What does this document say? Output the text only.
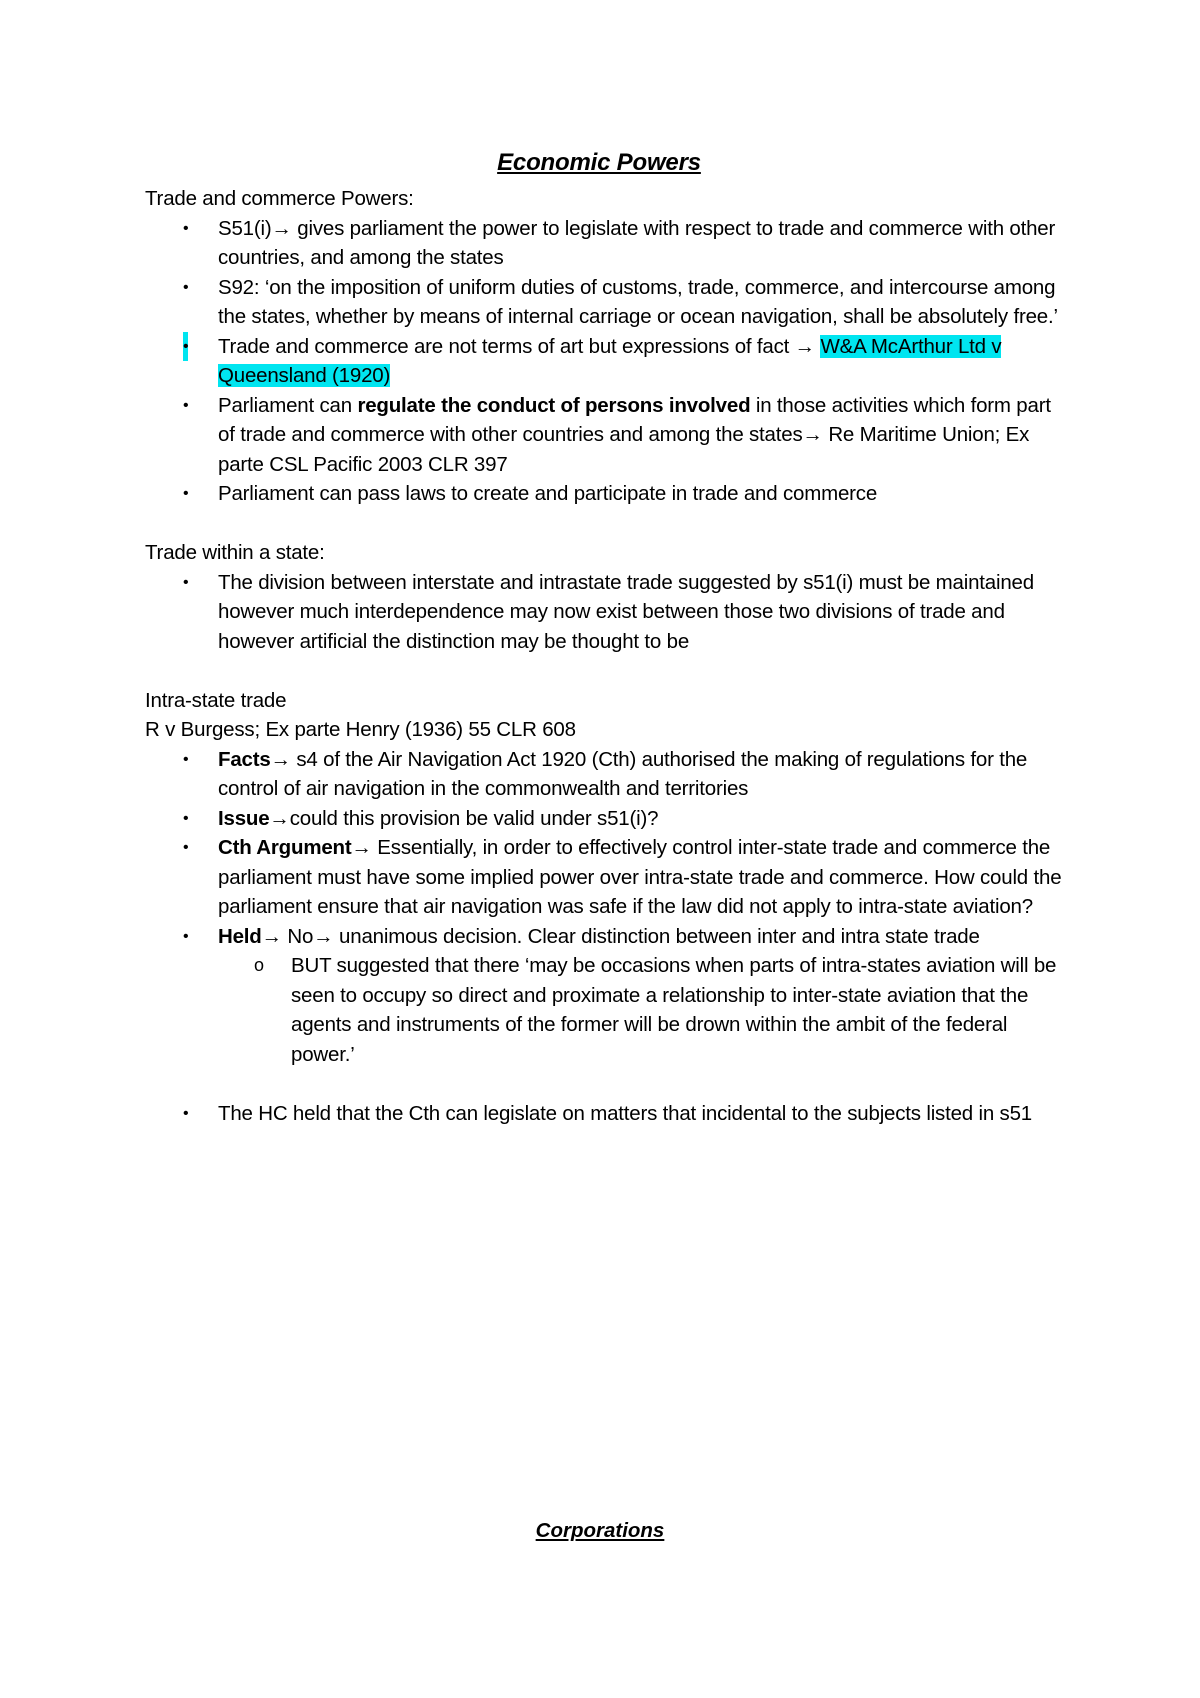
Economic Powers
Trade and commerce Powers:
• S51(i)→ gives parliament the power to legislate with respect to trade and commerce with other countries, and among the states
• S92: ‘on the imposition of uniform duties of customs, trade, commerce, and intercourse among the states, whether by means of internal carriage or ocean navigation, shall be absolutely free.’
• Trade and commerce are not terms of art but expressions of fact → W&A McArthur Ltd v Queensland (1920)
• Parliament can regulate the conduct of persons involved in those activities which form part of trade and commerce with other countries and among the states→ Re Maritime Union; Ex parte CSL Pacific 2003 CLR 397
• Parliament can pass laws to create and participate in trade and commerce
Trade within a state:
• The division between interstate and intrastate trade suggested by s51(i) must be maintained however much interdependence may now exist between those two divisions of trade and however artificial the distinction may be thought to be
Intra-state trade
R v Burgess; Ex parte Henry (1936) 55 CLR 608
• Facts→ s4 of the Air Navigation Act 1920 (Cth) authorised the making of regulations for the control of air navigation in the commonwealth and territories
• Issue→could this provision be valid under s51(i)?
• Cth Argument→ Essentially, in order to effectively control inter-state trade and commerce the parliament must have some implied power over intra-state trade and commerce. How could the parliament ensure that air navigation was safe if the law did not apply to intra-state aviation?
• Held→ No→ unanimous decision. Clear distinction between inter and intra state trade
o BUT suggested that there ‘may be occasions when parts of intra-states aviation will be seen to occupy so direct and proximate a relationship to inter-state aviation that the agents and instruments of the former will be drown within the ambit of the federal power.’
• The HC held that the Cth can legislate on matters that incidental to the subjects listed in s51
Corporations
